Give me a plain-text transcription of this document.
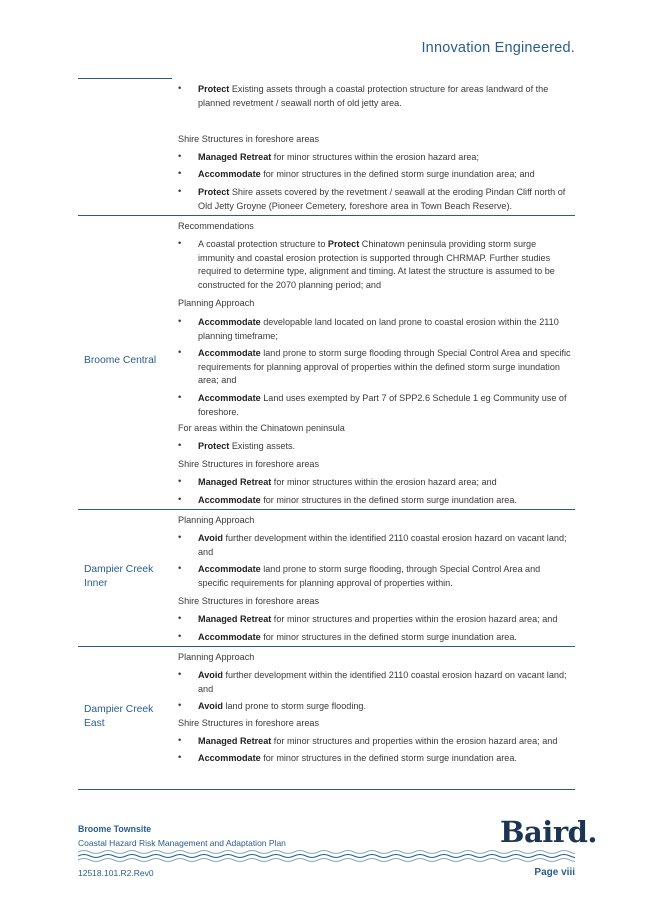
Innovation Engineered.
• Protect Existing assets through a coastal protection structure for areas landward of the planned revetment / seawall north of old jetty area.
Shire Structures in foreshore areas
• Managed Retreat for minor structures within the erosion hazard area;
• Accommodate for minor structures in the defined storm surge inundation area; and
• Protect Shire assets covered by the revetment / seawall at the eroding Pindan Cliff north of Old Jetty Groyne (Pioneer Cemetery, foreshore area in Town Beach Reserve).
Broome Central
Recommendations
• A coastal protection structure to Protect Chinatown peninsula providing storm surge immunity and coastal erosion protection is supported through CHRMAP. Further studies required to determine type, alignment and timing. At latest the structure is assumed to be constructed for the 2070 planning period; and
Planning Approach
• Accommodate developable land located on land prone to coastal erosion within the 2110 planning timeframe;
• Accommodate land prone to storm surge flooding through Special Control Area and specific requirements for planning approval of properties within the defined storm surge inundation area; and
• Accommodate Land uses exempted by Part 7 of SPP2.6 Schedule 1 eg Community use of foreshore.
For areas within the Chinatown peninsula
• Protect Existing assets.
Shire Structures in foreshore areas
• Managed Retreat for minor structures within the erosion hazard area; and
• Accommodate for minor structures in the defined storm surge inundation area.
Dampier Creek Inner
Planning Approach
• Avoid further development within the identified 2110 coastal erosion hazard on vacant land; and
• Accommodate land prone to storm surge flooding, through Special Control Area and specific requirements for planning approval of properties within.
Shire Structures in foreshore areas
• Managed Retreat for minor structures and properties within the erosion hazard area; and
• Accommodate for minor structures in the defined storm surge inundation area.
Dampier Creek East
Planning Approach
• Avoid further development within the identified 2110 coastal erosion hazard on vacant land; and
• Avoid land prone to storm surge flooding.
Shire Structures in foreshore areas
• Managed Retreat for minor structures and properties within the erosion hazard area; and
• Accommodate for minor structures in the defined storm surge inundation area.
Broome Townsite
Coastal Hazard Risk Management and Adaptation Plan	Baird.
12518.101.R2.Rev0	Page viii
